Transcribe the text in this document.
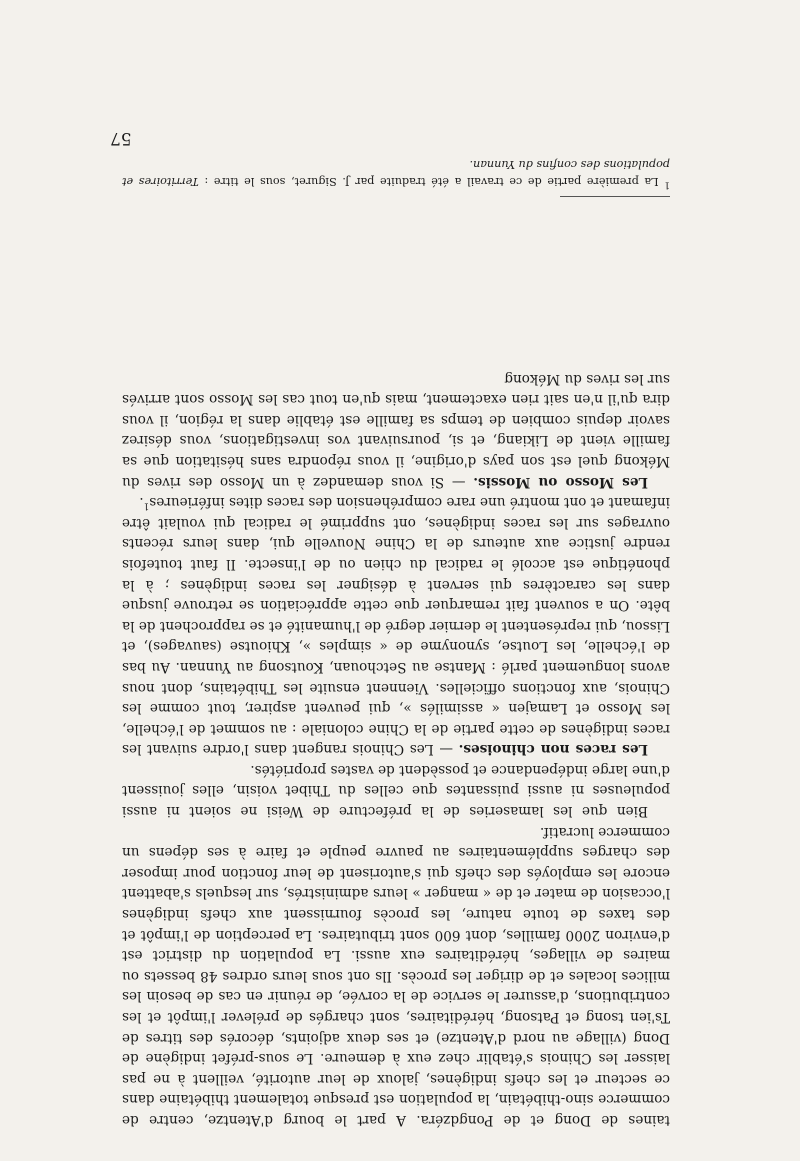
taines de Dong et de Pongdzéra. A part le bourg d'Atentze, centre de commerce sino-thibétain, la population est presque totalement thibétaine dans ce secteur et les chefs indigènes, jaloux de leur autorité, veillent à ne pas laisser les Chinois s'établir chez eux à demeure. Le sous-préfet indigène de Dong (village au nord d'Atentze) et ses deux adjoints, décorés des titres de Ts'ien tsong et Patsong, héréditaires, sont chargés de prélever l'impôt et les contributions, d'assurer le service de la corvée, de réunir en cas de besoin les milices locales et de diriger les procès. Ils ont sous leurs ordres 48 bessets ou maires de villages, héréditaires eux aussi. La population du district est d'environ 2000 familles, dont 600 sont tributaires. La perception de l'impôt et des taxes de toute nature, les procès fournissent aux chefs indigènes l'occasion de mater et de « manger » leurs administrés, sur lesquels s'abattent encore les employés des chefs qui s'autorisent de leur fonction pour imposer des charges supplémentaires au pauvre peuple et faire à ses dépens un commerce lucratif.

Bien que les lamaseries de la préfecture de Weisi ne soient ni aussi populeuses ni aussi puissantes que celles du Thibet voisin, elles jouissent d'une large indépendance et possèdent de vastes propriétés.

Les races non chinoises. — Les Chinois rangent dans l'ordre suivant les races indigènes de cette partie de la Chine coloniale : au sommet de l'échelle, les Mosso et Lamajen « assimilés », qui peuvent aspirer, tout comme les Chinois, aux fonctions officielles. Viennent ensuite les Thibétains, dont nous avons longuement parlé : Mantse au Setchouan, Koutsong au Yunnan. Au bas de l'échelle, les Loutse, synonyme de « simples », Khioutse (sauvages), et Lissou, qui représentent le dernier degré de l'humanité et se rapprochent de la bête. On a souvent fait remarquer que cette appréciation se retrouve jusque dans les caractères qui servent à désigner les races indigènes ; à la phonétique est accolé le radical du chien ou de l'insecte. Il faut toutefois rendre justice aux auteurs de la Chine Nouvelle qui, dans leurs récents ouvrages sur les races indigènes, ont supprimé le radical qui voulait être infamant et ont montré une rare compréhension des races dites inférieures$^1$.

Les Mosso ou Mossis. — Si vous demandez à un Mosso des rives du Mékong quel est son pays d'origine, il vous répondra sans hésitation que sa famille vient de Likiang, et si, poursuivant vos investigations, vous désirez savoir depuis combien de temps sa famille est établie dans la région, il vous dira qu'il n'en sait rien exactement, mais qu'en tout cas les Mosso sont arrivés sur les rives du Mékong

$^1$ La première partie de ce travail a été traduite par J. Siguret, sous le titre : Territoires et populations des confins du Yunnan.
57
